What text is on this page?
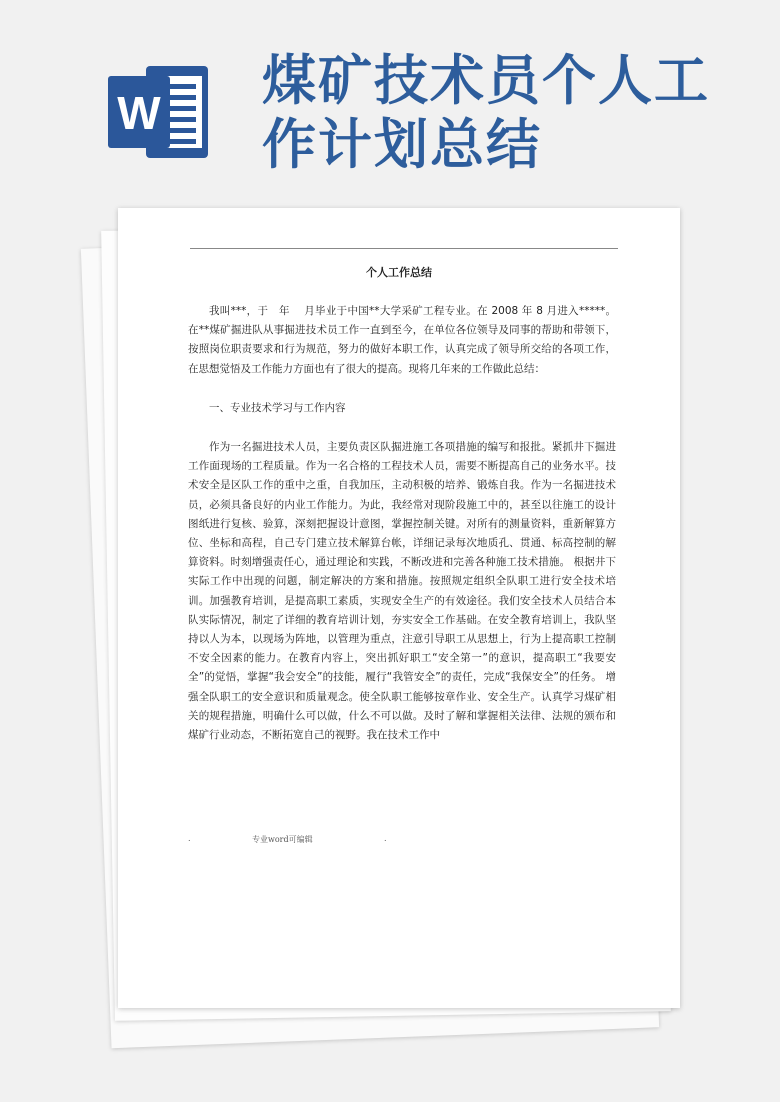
W
煤矿技术员个人工作计划总结
个人工作总结

我叫***，于　年　 月毕业于中国**大学采矿工程专业。在 2008 年 8 月进入*****。在**煤矿掘进队从事掘进技术员工作一直到至今，在单位各位领导及同事的帮助和带领下，按照岗位职责要求和行为规范，努力的做好本职工作，认真完成了领导所交给的各项工作，在思想觉悟及工作能力方面也有了很大的提高。现将几年来的工作做此总结：

一、专业技术学习与工作内容

作为一名掘进技术人员，主要负责区队掘进施工各项措施的编写和报批。紧抓井下掘进工作面现场的工程质量。作为一名合格的工程技术人员，需要不断提高自己的业务水平。技术安全是区队工作的重中之重，自我加压，主动积极的培养、锻炼自我。作为一名掘进技术员，必须具备良好的内业工作能力。为此，我经常对现阶段施工中的，甚至以往施工的设计图纸进行复核、验算，深刻把握设计意图，掌握控制关键。对所有的测量资料，重新解算方位、坐标和高程，自己专门建立技术解算台帐，详细记录每次地质孔、贯通、标高控制的解算资料。时刻增强责任心，通过理论和实践，不断改进和完善各种施工技术措施。 根据井下实际工作中出现的问题，制定解决的方案和措施。按照规定组织全队职工进行安全技术培训。加强教育培训，是提高职工素质，实现安全生产的有效途径。我们安全技术人员结合本队实际情况，制定了详细的教育培训计划，夯实安全工作基础。在安全教育培训上，我队坚持以人为本，以现场为阵地，以管理为重点，注意引导职工从思想上，行为上提高职工控制不安全因素的能力。在教育内容上，突出抓好职工“安全第一”的意识，提高职工“我要安全”的觉悟，掌握“我会安全”的技能，履行“我管安全”的责任，完成“我保安全”的任务。 增强全队职工的安全意识和质量观念。使全队职工能够按章作业、安全生产。认真学习煤矿相关的规程措施，明确什么可以做，什么不可以做。及时了解和掌握相关法律、法规的颁布和煤矿行业动态，不断拓宽自己的视野。我在技术工作中

.	专业word可编辑	.
